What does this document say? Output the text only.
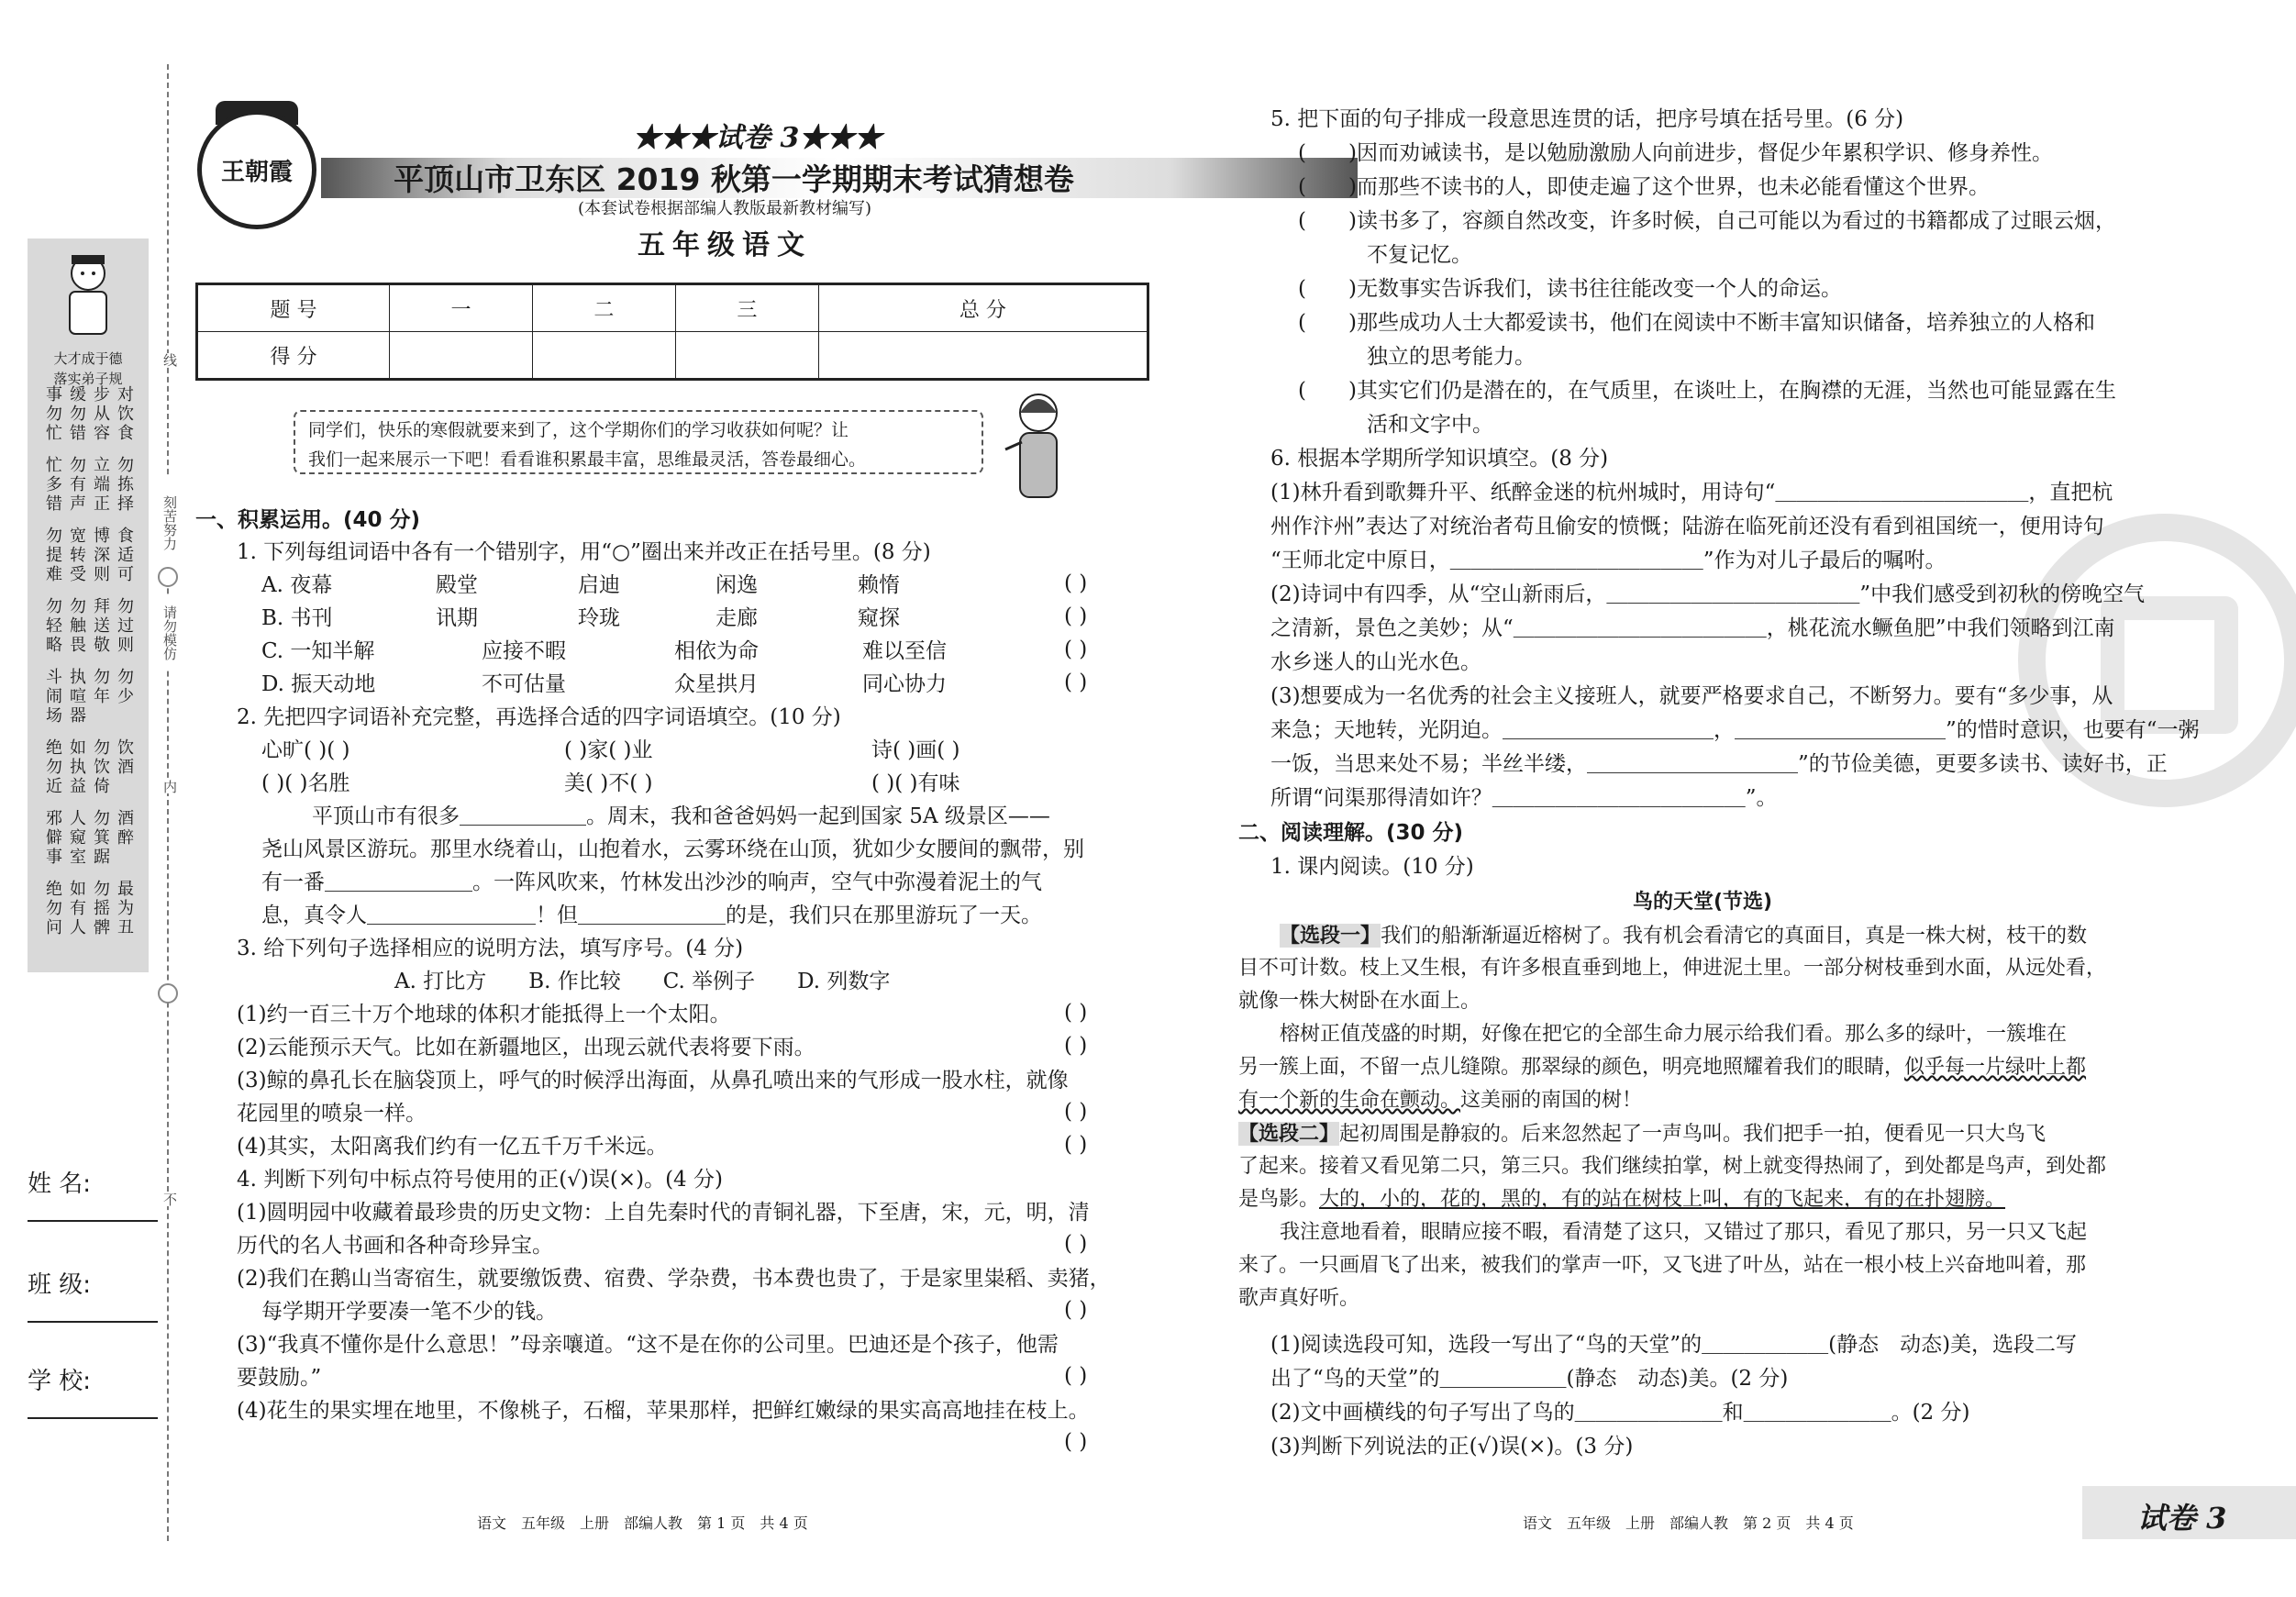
大才成于德
落实弟子规
事勿忙 缓勿错 步从容 对饮食
忙多错 勿有声 立端正 勿拣择
勿提难 宽转受 博深则 食适可
勿轻略 勿触畏 拜送敬 勿过则
斗闹场 执喧器 勿年 勿少
绝勿近 如执益 勿饮倚 饮酒
邪僻事 人窥室 勿箕踞 酒醉
绝勿问 如有人 勿摇髀 最为丑
姓 名:
班 级:
学 校:
线
刻苦努力
请勿模仿
内
不
王朝霞
★★★试卷 3★★★
平顶山市卫东区 2019 秋第一学期期末考试猜想卷
(本套试卷根据部编人教版最新教材编写)
五年级语文
题 号	一	二	三	总 分
得 分				
同学们，快乐的寒假就要来到了，这个学期你们的学习收获如何呢？让
我们一起来展示一下吧！看看谁积累最丰富，思维最灵活，答卷最细心。
一、积累运用。(40 分)
1. 下列每组词语中各有一个错别字，用“○”圈出来并改正在括号里。(8 分)
A. 夜幕	殿堂	启迪	闲逸	赖惰	( )
B. 书刊	讯期	玲珑	走廊	窥探	( )
C. 一知半解	应接不暇	相依为命	难以至信	( )
D. 振天动地	不可估量	众星拱月	同心协力	( )
2. 先把四字词语补充完整，再选择合适的四字词语填空。(10 分)
心旷( )( )	( )家( )业	诗( )画( )
( )( )名胜	美( )不( )	( )( )有味
平顶山市有很多＿＿＿＿＿＿。周末，我和爸爸妈妈一起到国家 5A 级景区——
尧山风景区游玩。那里水绕着山，山抱着水，云雾环绕在山顶，犹如少女腰间的飘带，别
有一番＿＿＿＿＿＿＿。一阵风吹来，竹林发出沙沙的响声，空气中弥漫着泥土的气
息，真令人＿＿＿＿＿＿＿＿！但＿＿＿＿＿＿＿的是，我们只在那里游玩了一天。
3. 给下列句子选择相应的说明方法，填写序号。(4 分)
A. 打比方　　B. 作比较　　C. 举例子　　D. 列数字
(1)约一百三十万个地球的体积才能抵得上一个太阳。	( )
(2)云能预示天气。比如在新疆地区，出现云就代表将要下雨。	( )
(3)鲸的鼻孔长在脑袋顶上，呼气的时候浮出海面，从鼻孔喷出来的气形成一股水柱，就像
花园里的喷泉一样。	( )
(4)其实，太阳离我们约有一亿五千万千米远。	( )
4. 判断下列句中标点符号使用的正(√)误(×)。(4 分)
(1)圆明园中收藏着最珍贵的历史文物：上自先秦时代的青铜礼器，下至唐，宋，元，明，清
历代的名人书画和各种奇珍异宝。	( )
(2)我们在鹅山当寄宿生，就要缴饭费、宿费、学杂费，书本费也贵了，于是家里粜稻、卖猪，
每学期开学要凑一笔不少的钱。	( )
(3)“我真不懂你是什么意思！”母亲嚷道。“这不是在你的公司里。巴迪还是个孩子，他需
要鼓励。”	( )
(4)花生的果实埋在地里，不像桃子，石榴，苹果那样，把鲜红嫩绿的果实高高地挂在枝上。
( )
语文　五年级　上册　部编人教　第 1 页　共 4 页
5. 把下面的句子排成一段意思连贯的话，把序号填在括号里。(6 分)
(　　)因而劝诫读书，是以勉励激励人向前进步，督促少年累积学识、修身养性。
(　　)而那些不读书的人，即使走遍了这个世界，也未必能看懂这个世界。
(　　)读书多了，容颜自然改变，许多时候，自己可能以为看过的书籍都成了过眼云烟，
不复记忆。
(　　)无数事实告诉我们，读书往往能改变一个人的命运。
(　　)那些成功人士大都爱读书，他们在阅读中不断丰富知识储备，培养独立的人格和
独立的思考能力。
(　　)其实它们仍是潜在的，在气质里，在谈吐上，在胸襟的无涯，当然也可能显露在生
活和文字中。
6. 根据本学期所学知识填空。(8 分)
(1)林升看到歌舞升平、纸醉金迷的杭州城时，用诗句“＿＿＿＿＿＿＿＿＿＿＿＿，直把杭
州作汴州”表达了对统治者苟且偷安的愤慨；陆游在临死前还没有看到祖国统一，便用诗句
“王师北定中原日，＿＿＿＿＿＿＿＿＿＿＿＿”作为对儿子最后的嘱咐。
(2)诗词中有四季，从“空山新雨后，＿＿＿＿＿＿＿＿＿＿＿＿”中我们感受到初秋的傍晚空气
之清新，景色之美妙；从“＿＿＿＿＿＿＿＿＿＿＿＿，桃花流水鳜鱼肥”中我们领略到江南
水乡迷人的山光水色。
(3)想要成为一名优秀的社会主义接班人，就要严格要求自己，不断努力。要有“多少事，从
来急；天地转，光阴迫。＿＿＿＿＿＿＿＿＿＿，＿＿＿＿＿＿＿＿＿＿”的惜时意识，也要有“一粥
一饭，当思来处不易；半丝半缕，＿＿＿＿＿＿＿＿＿＿”的节俭美德，更要多读书、读好书，正
所谓“问渠那得清如许？＿＿＿＿＿＿＿＿＿＿＿＿”。
二、阅读理解。(30 分)
1. 课内阅读。(10 分)
鸟的天堂(节选)
【选段一】我们的船渐渐逼近榕树了。我有机会看清它的真面目，真是一株大树，枝干的数
目不可计数。枝上又生根，有许多根直垂到地上，伸进泥土里。一部分树枝垂到水面，从远处看，
就像一株大树卧在水面上。
榕树正值茂盛的时期，好像在把它的全部生命力展示给我们看。那么多的绿叶，一簇堆在
另一簇上面，不留一点儿缝隙。那翠绿的颜色，明亮地照耀着我们的眼睛，似乎每一片绿叶上都
有一个新的生命在颤动。这美丽的南国的树！
【选段二】起初周围是静寂的。后来忽然起了一声鸟叫。我们把手一拍，便看见一只大鸟飞
了起来。接着又看见第二只，第三只。我们继续拍掌，树上就变得热闹了，到处都是鸟声，到处都
是鸟影。大的，小的，花的，黑的，有的站在树枝上叫，有的飞起来，有的在扑翅膀。
我注意地看着，眼睛应接不暇，看清楚了这只，又错过了那只，看见了那只，另一只又飞起
来了。一只画眉飞了出来，被我们的掌声一吓，又飞进了叶丛，站在一根小枝上兴奋地叫着，那
歌声真好听。
(1)阅读选段可知，选段一写出了“鸟的天堂”的＿＿＿＿＿＿(静态　动态)美，选段二写
出了“鸟的天堂”的＿＿＿＿＿＿(静态　动态)美。(2 分)
(2)文中画横线的句子写出了鸟的＿＿＿＿＿＿＿和＿＿＿＿＿＿＿。(2 分)
(3)判断下列说法的正(√)误(×)。(3 分)
语文　五年级　上册　部编人教　第 2 页　共 4 页	试卷 3
